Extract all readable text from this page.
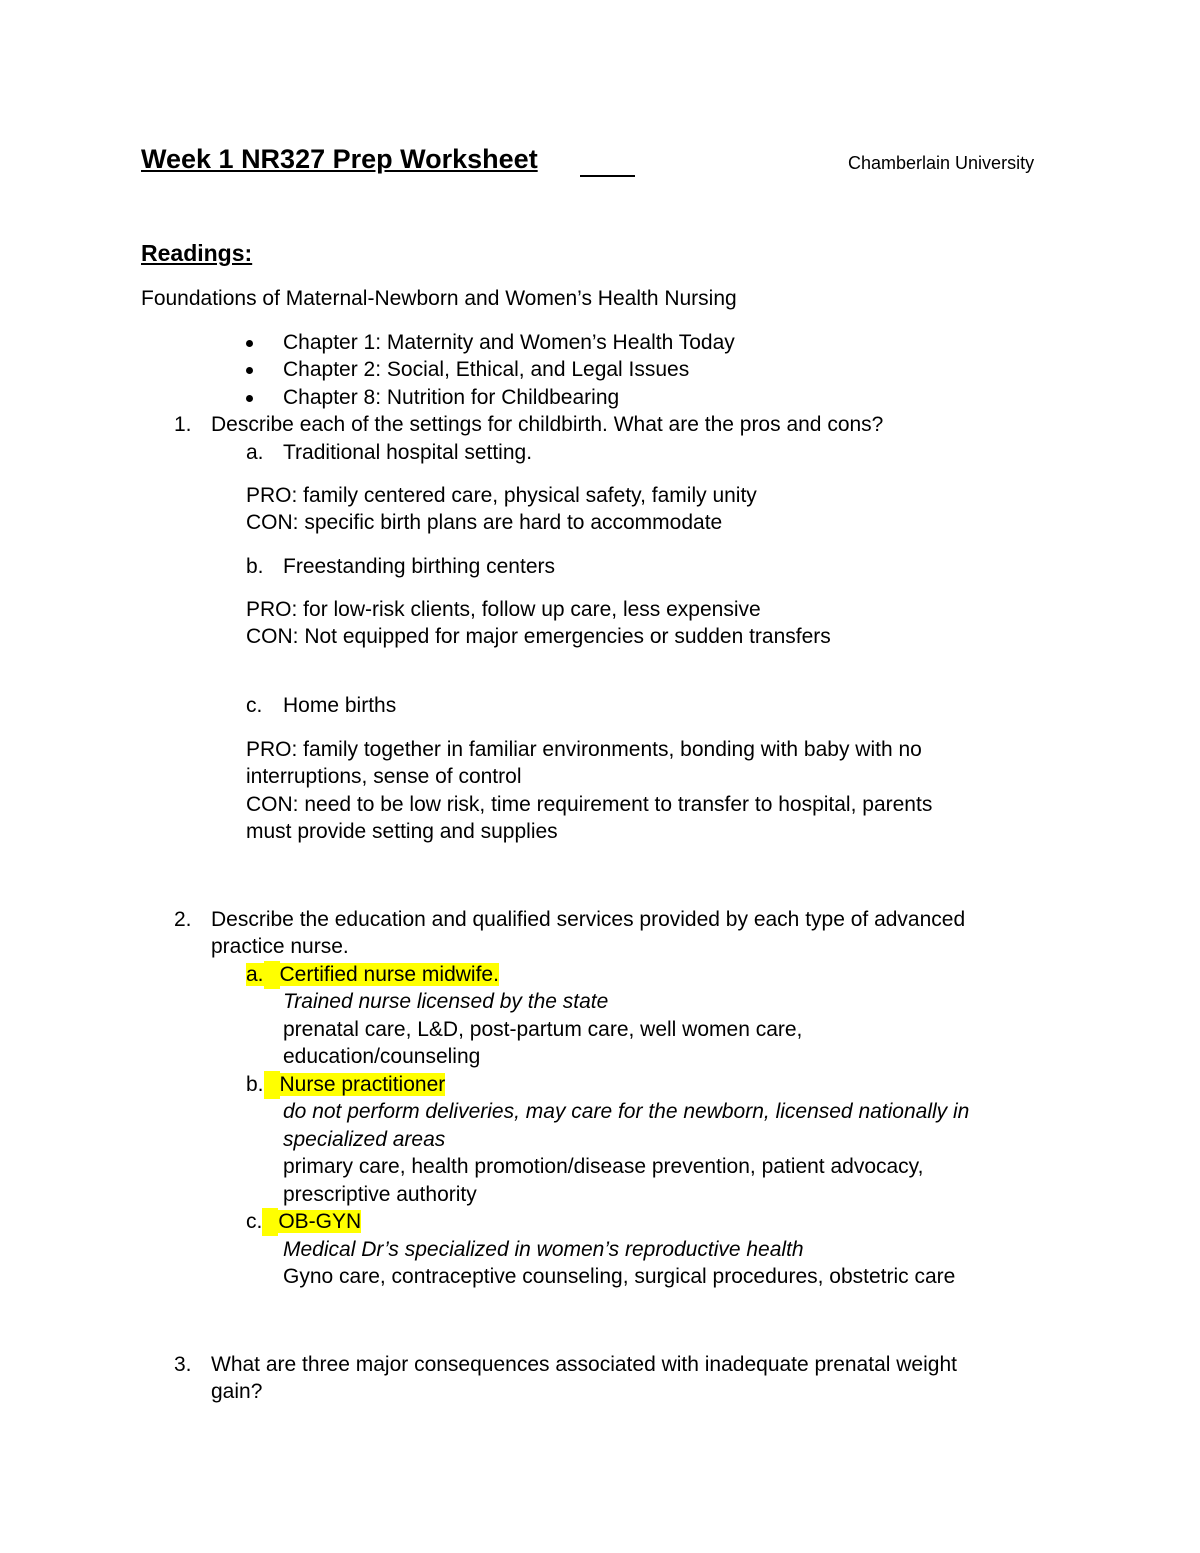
Week 1 NR327 Prep Worksheet	Chamberlain University
Readings:
Foundations of Maternal-Newborn and Women’s Health Nursing
Chapter 1: Maternity and Women’s Health Today
Chapter 2: Social, Ethical, and Legal Issues
Chapter 8: Nutrition for Childbearing
1. Describe each of the settings for childbirth. What are the pros and cons?
a. Traditional hospital setting.
PRO: family centered care, physical safety, family unity
CON: specific birth plans are hard to accommodate
b. Freestanding birthing centers
PRO: for low-risk clients, follow up care, less expensive
CON: Not equipped for major emergencies or sudden transfers
c. Home births
PRO: family together in familiar environments, bonding with baby with no
interruptions, sense of control
CON: need to be low risk, time requirement to transfer to hospital, parents
must provide setting and supplies
2. Describe the education and qualified services provided by each type of advanced
practice nurse.
a. Certified nurse midwife.
Trained nurse licensed by the state
prenatal care, L&D, post-partum care, well women care,
education/counseling
b. Nurse practitioner
do not perform deliveries, may care for the newborn, licensed nationally in
specialized areas
primary care, health promotion/disease prevention, patient advocacy,
prescriptive authority
c. OB-GYN
Medical Dr’s specialized in women’s reproductive health
Gyno care, contraceptive counseling, surgical procedures, obstetric care
3. What are three major consequences associated with inadequate prenatal weight
gain?
